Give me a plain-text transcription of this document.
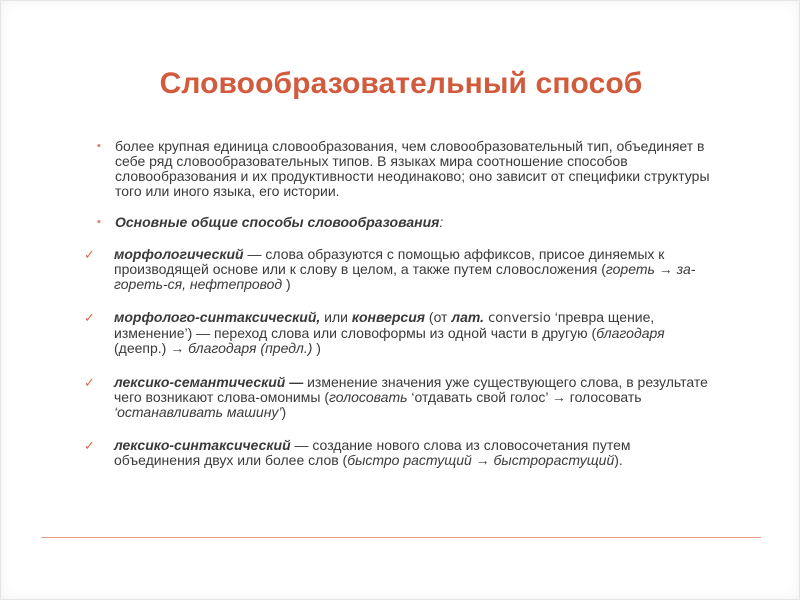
Словообразовательный способ

▪ более крупная единица словообразования, чем словообразовательный тип, объединяет в себе ряд словообразовательных типов. В языках мира соотношение способов словообразования и их продуктивности неодинаково; оно зависит от специфики структуры того или иного языка, его истории.

▪ Основные общие способы словообразования:

✓ морфологический — слова образуются с помощью аффиксов, присое диняемых к производящей основе или к слову в целом, а также путем словосложения (гореть → за-гореть-ся, нефтепровод )

✓ морфолого-синтаксический, или конверсия (от лат. conversio ‘превра щение, изменение’) — переход слова или словоформы из одной части в другую (благодаря (деепр.) → благодаря (предл.) )

✓ лексико-семантический — изменение значения уже существующего слова, в результате чего возникают слова-омонимы (голосовать ‘отдавать свой голос’ → голосовать ‘останавливать машину’)

✓ лексико-синтаксический — создание нового слова из словосочетания путем объединения двух или более слов (быстро растущий → быстрорастущий).
